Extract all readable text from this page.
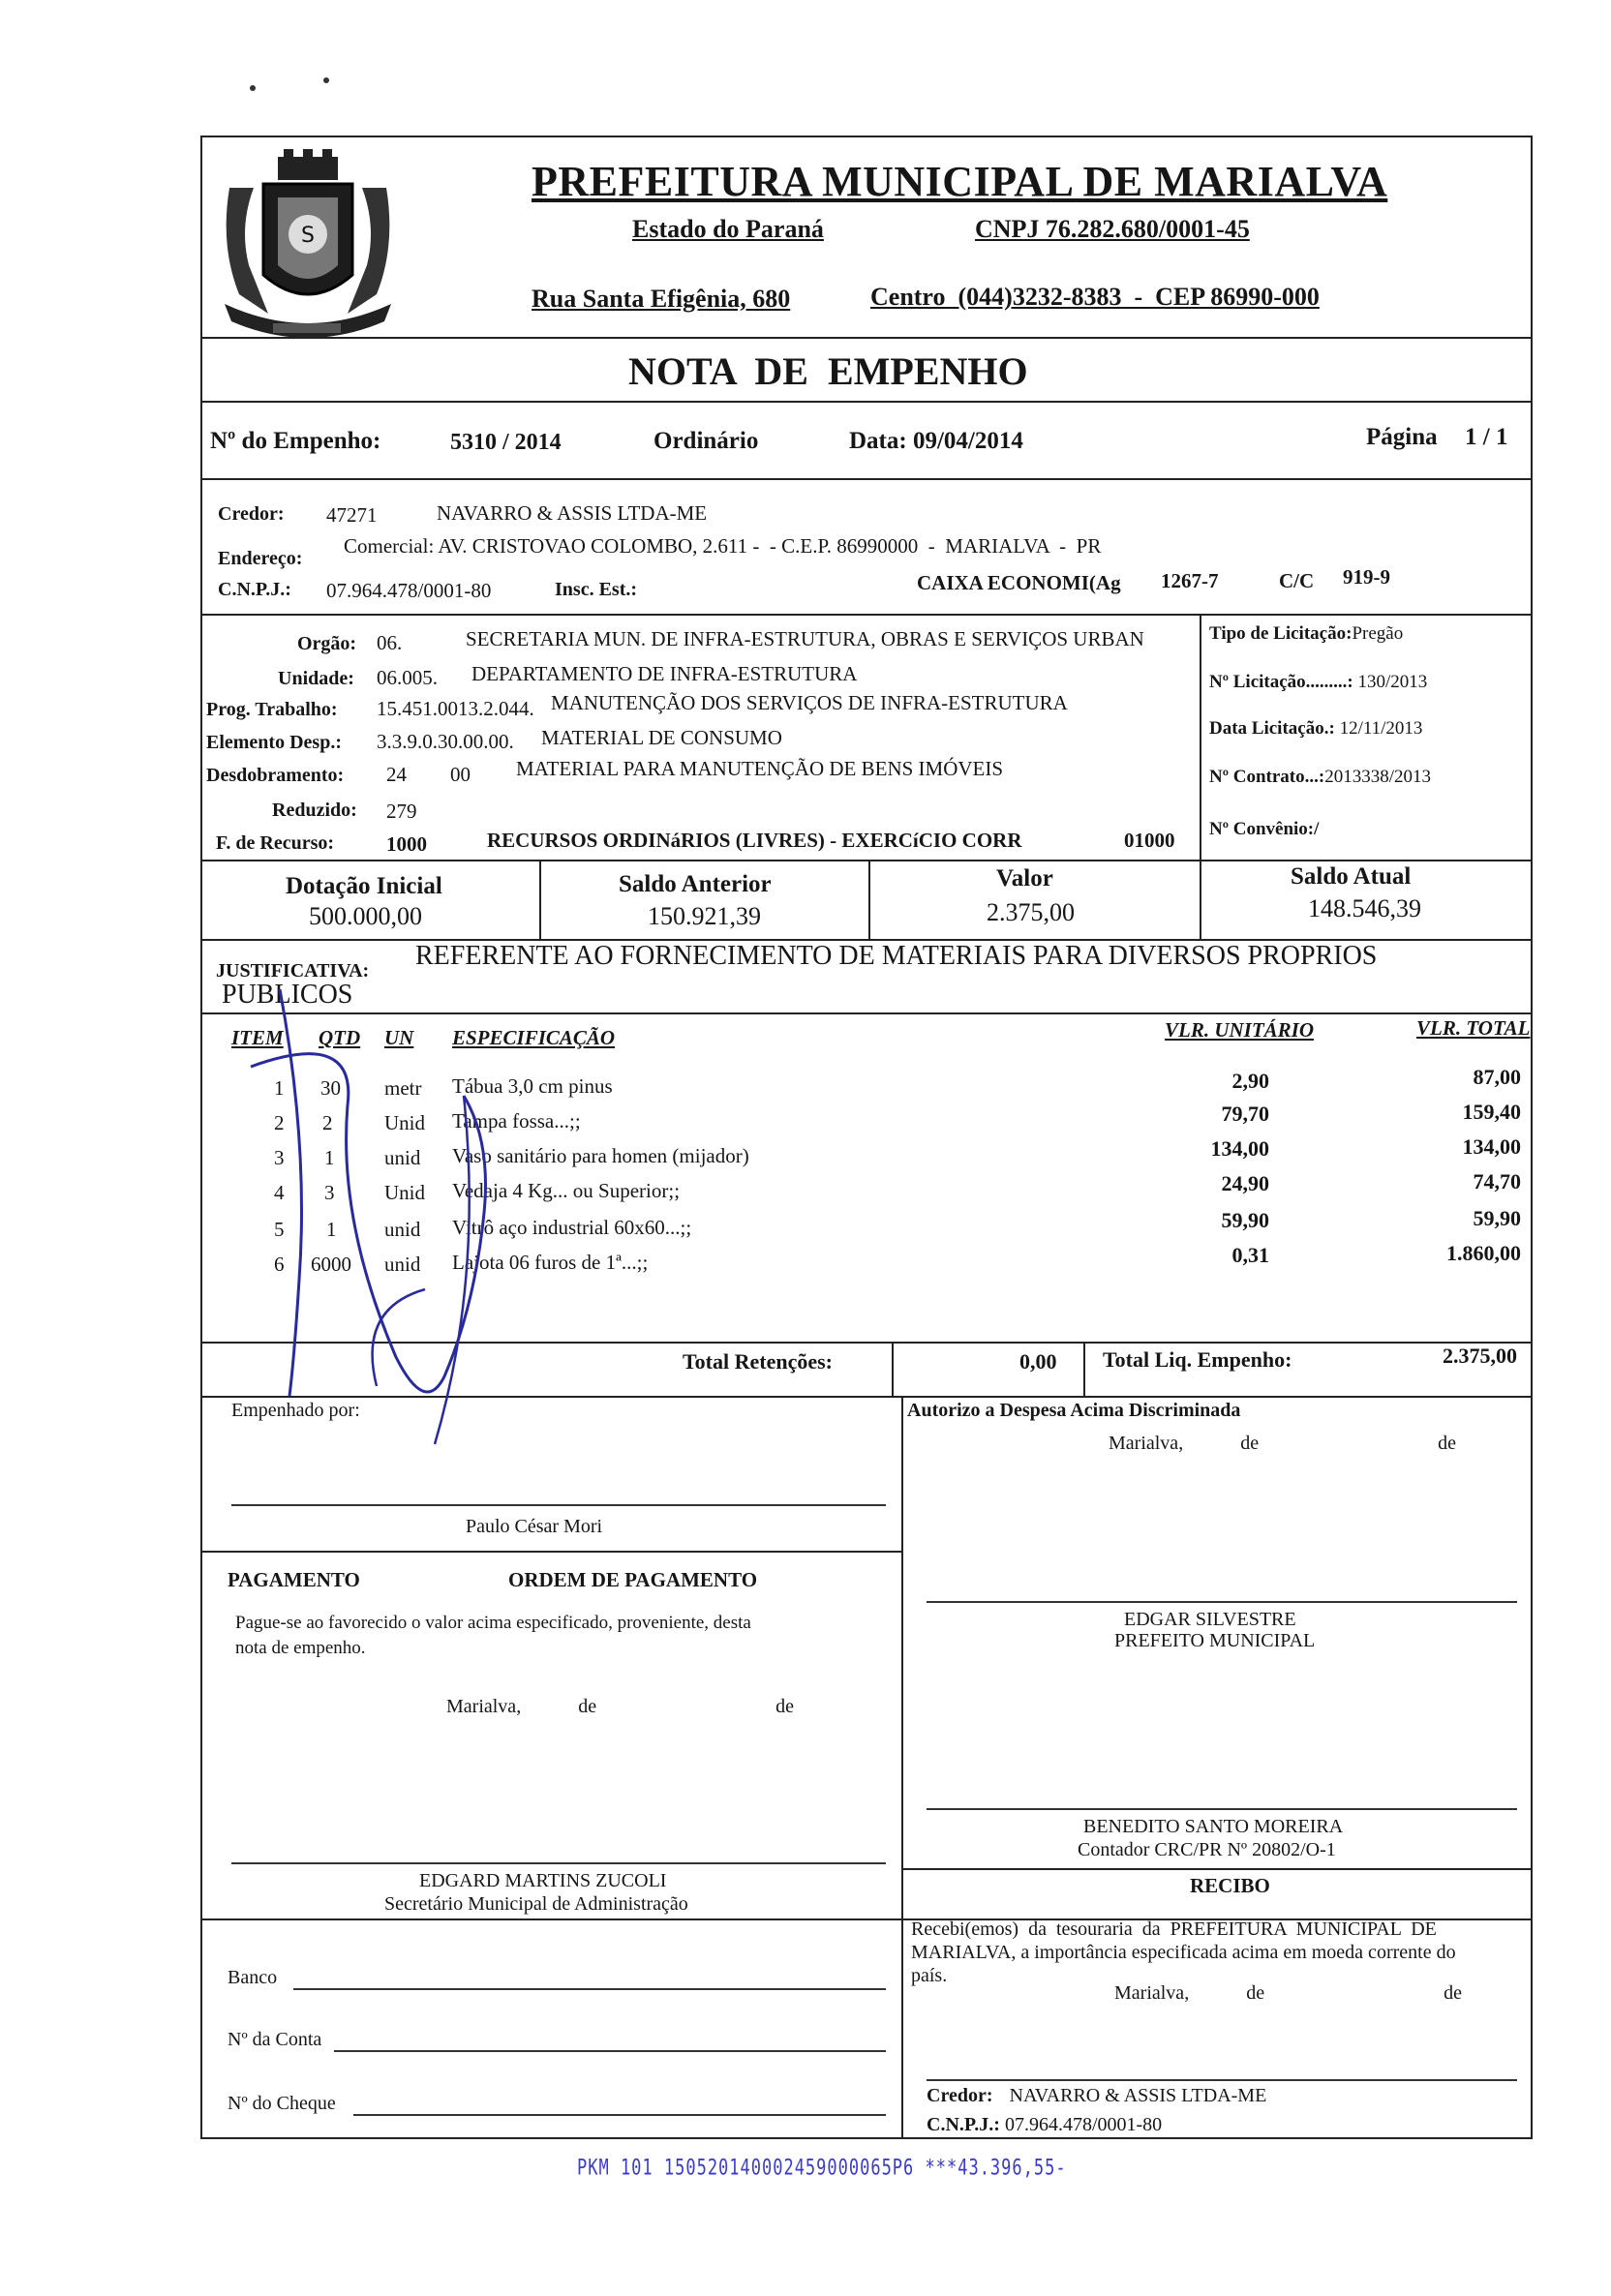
S
PREFEITURA MUNICIPAL DE MARIALVA
Estado do Paraná	CNPJ 76.282.680/0001-45
Rua Santa Efigênia, 680	Centro  (044)3232-8383  -  CEP 86990-000
NOTA  DE  EMPENHO
Nº do Empenho:	5310 / 2014	Ordinário	Data: 09/04/2014	Página 1 / 1
Credor: 47271	NAVARRO & ASSIS LTDA-ME
Endereço:
Comercial: AV. CRISTOVAO COLOMBO, 2.611 -  - C.E.P. 86990000  -  MARIALVA  -  PR
C.N.P.J.: 07.964.478/0001-80	Insc. Est.:	CAIXA ECONOMI(Ag 1267-7	C/C 919-9
Orgão: 06.	SECRETARIA MUN. DE INFRA-ESTRUTURA, OBRAS E SERVIÇOS URBAN
Unidade: 06.005. DEPARTAMENTO DE INFRA-ESTRUTURA
Prog. Trabalho: 15.451.0013.2.044. MANUTENÇÃO DOS SERVIÇOS DE INFRA-ESTRUTURA
Elemento Desp.: 3.3.9.0.30.00.00. MATERIAL DE CONSUMO
Desdobramento: 24 00 MATERIAL PARA MANUTENÇÃO DE BENS IMÓVEIS
Reduzido: 279
F. de Recurso:	1000	RECURSOS ORDINáRIOS (LIVRES) - EXERCíCIO CORR	01000
Tipo de Licitação:Pregão
Nº Licitação.........: 130/2013
Data Licitação.: 12/11/2013
Nº Contrato...:2013338/2013
Nº Convênio:/
Dotação Inicial
500.000,00
Saldo Anterior
150.921,39
Valor
2.375,00
Saldo Atual
148.546,39
JUSTIFICATIVA: REFERENTE AO FORNECIMENTO DE MATERIAIS PARA DIVERSOS PROPRIOS
PUBLICOS
ITEM QTD UN ESPECIFICAÇÃO	VLR. UNITÁRIO	VLR. TOTAL
1 30 metr Tábua 3,0 cm pinus	2,90	87,00
2 2	Unid Tampa fossa...;;	79,70	159,40
3 1 unid Vaso sanitário para homen (mijador)	134,00	134,00
4 3 Unid Vedaja 4 Kg... ou Superior;;	24,90	74,70
5 1 unid Vitrô aço industrial 60x60...;;	59,90	59,90
6 6000 unid Lajota 06 furos de 1ª...;;	0,31	1.860,00
Total Retenções:	0,00 Total Liq. Empenho:	2.375,00
Empenhado por:
Paulo César Mori
Autorizo a Despesa Acima Discriminada
Marialva,	de	de
PAGAMENTO	ORDEM DE PAGAMENTO
Pague-se ao favorecido o valor acima especificado, proveniente, desta
nota de empenho.
Marialva,	de	de
EDGAR SILVESTRE
PREFEITO MUNICIPAL
BENEDITO SANTO MOREIRA
Contador CRC/PR Nº 20802/O-1
EDGARD MARTINS ZUCOLI
Secretário Municipal de Administração
RECIBO
Recebi(emos)  da  tesouraria  da  PREFEITURA  MUNICIPAL  DE
MARIALVA, a importância especificada acima em moeda corrente do
país.
Marialva,	de	de
Banco
Nº da Conta
Nº do Cheque	Credor: NAVARRO & ASSIS LTDA-ME
C.N.P.J.: 07.964.478/0001-80
PKM 101 150520140002459000065P6 ***43.396,55-
